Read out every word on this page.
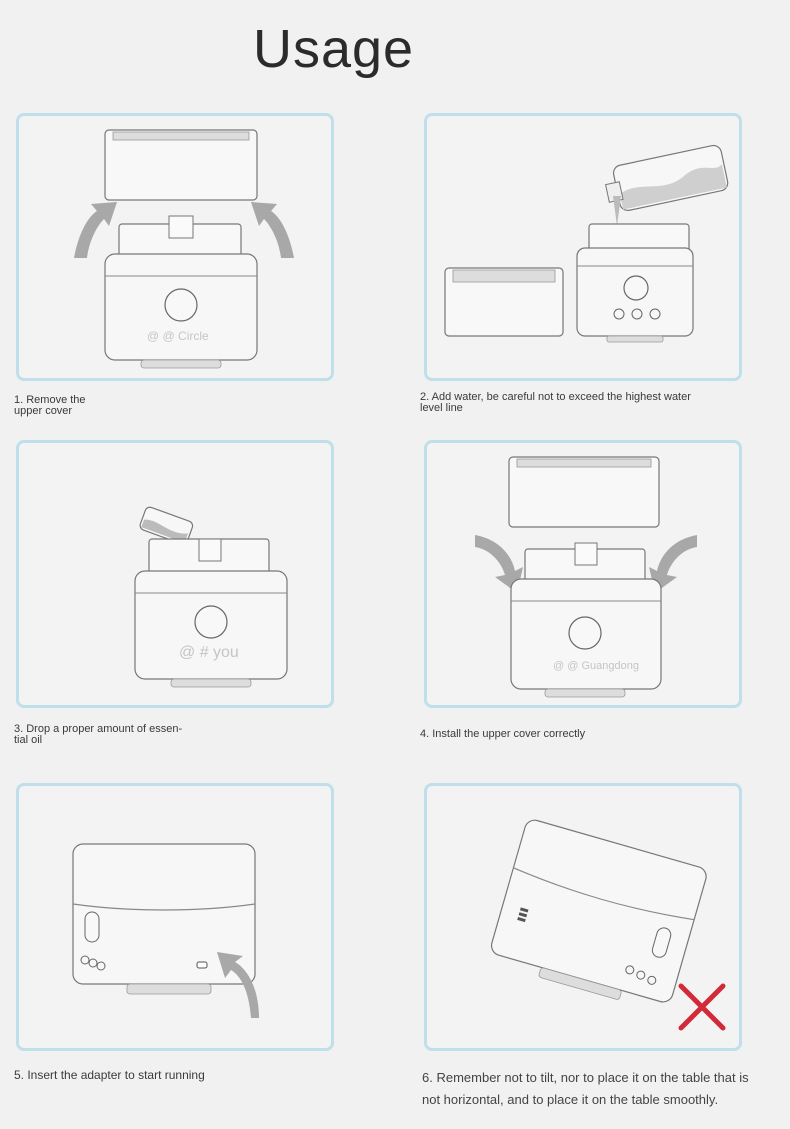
Usage
@ @ Circle
1. Remove the upper cover
2. Add water, be careful not to exceed the highest water level line
@ # you
3. Drop a proper amount of essen- tial oil
@ @ Guangdong
4. Install the upper cover correctly
5. Insert the adapter to start running	6. Remember not to tilt, nor to place it on the table that is not horizontal, and to place it on the table smoothly.
